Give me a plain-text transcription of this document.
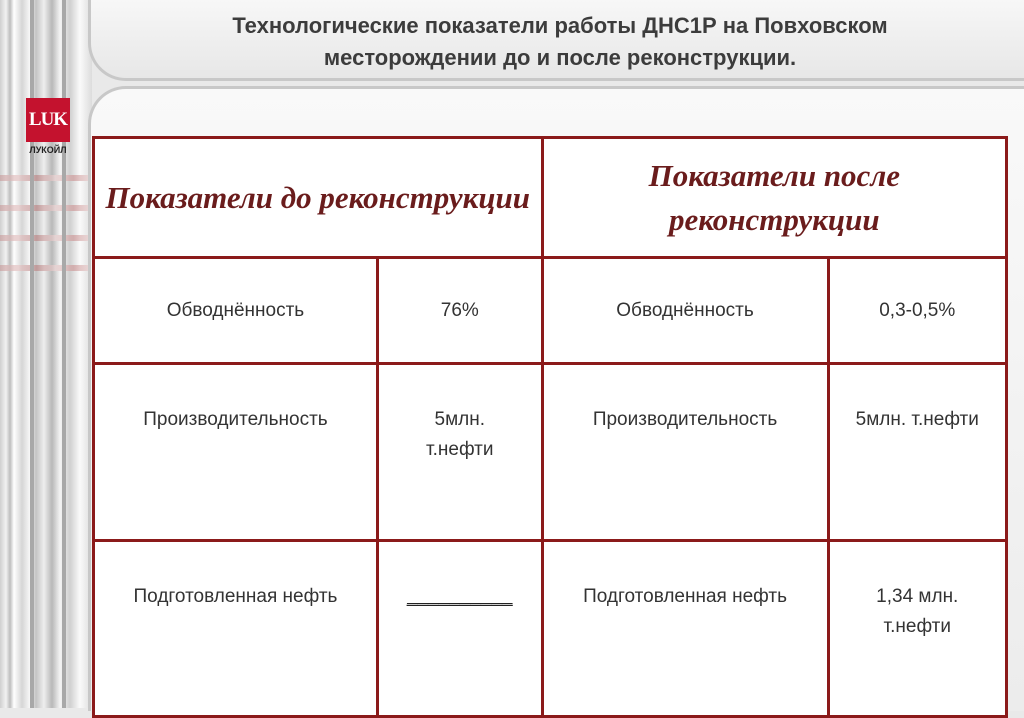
Технологические показатели работы ДНС1Р на Повховском
месторождении до и после реконструкции.
LUK
ЛУКОЙЛ
Показатели до реконструкции		Показатели после реконструкции	
Обводнённость	76%	Обводнённость	0,3-0,5%
Производительность	5млн. т.нефти	Производительность	5млн. т.нефти
Подготовленная нефть	__________	Подготовленная нефть	1,34 млн. т.нефти
